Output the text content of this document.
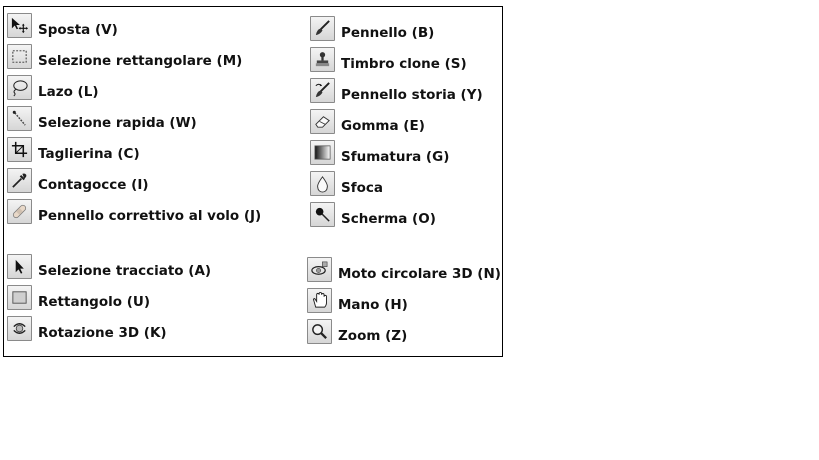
Sposta (V)
Selezione rettangolare (M)
Lazo (L)
Selezione rapida (W)
Taglierina (C)
Contagocce (I)
Pennello correttivo al volo (J)
Selezione tracciato (A)
Rettangolo (U)
Rotazione 3D (K)
Pennello (B)
Timbro clone (S)
Pennello storia (Y)
Gomma (E)
Sfumatura (G)
Sfoca
Scherma (O)
Moto circolare 3D (N)
Mano (H)
Zoom (Z)
